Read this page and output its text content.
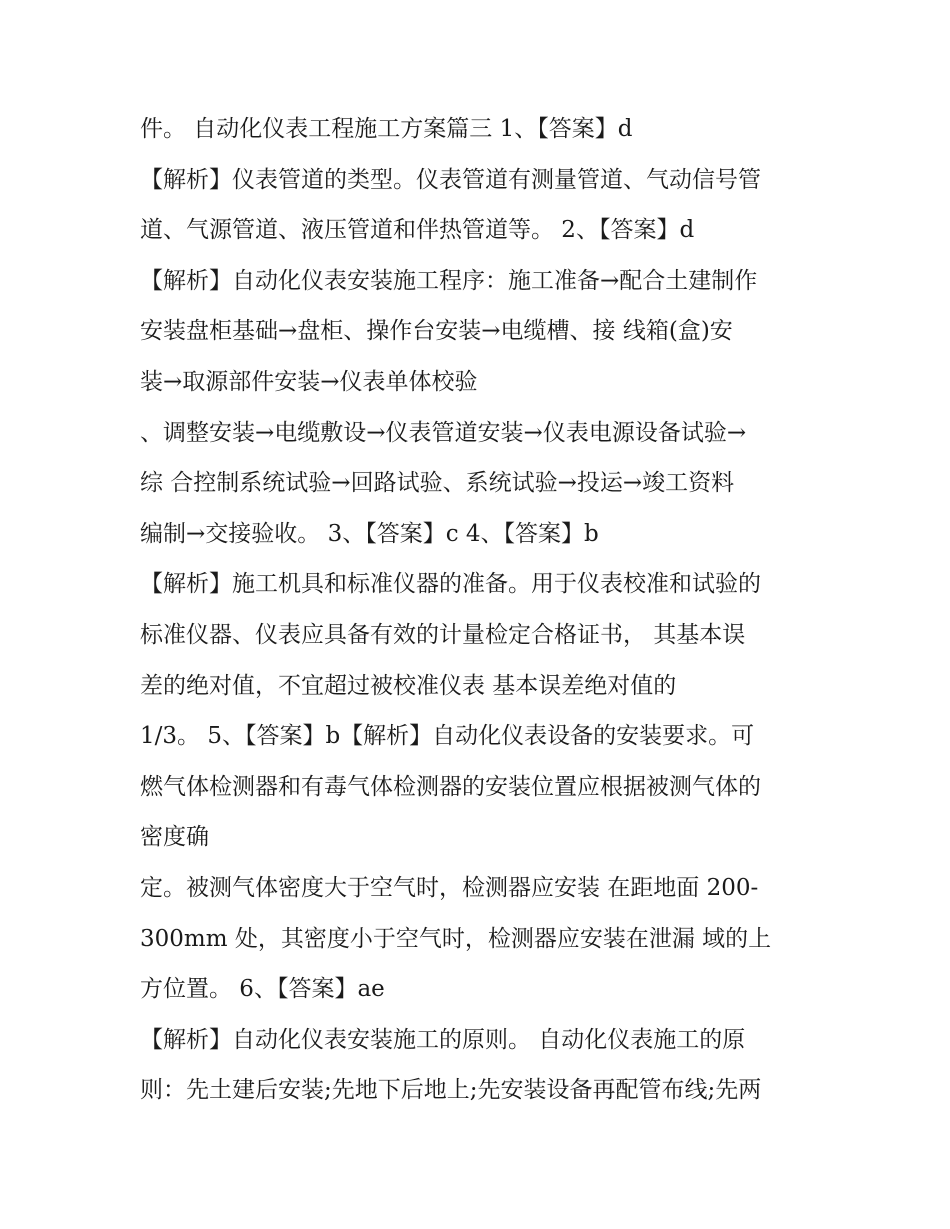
件。 自动化仪表工程施工方案篇三 1、【答案】d
【解析】仪表管道的类型。仪表管道有测量管道、气动信号管
道、气源管道、液压管道和伴热管道等。 2、【答案】d
【解析】自动化仪表安装施工程序：施工准备→配合土建制作
安装盘柜基础→盘柜、操作台安装→电缆槽、接 线箱(盒)安
装→取源部件安装→仪表单体校验
、调整安装→电缆敷设→仪表管道安装→仪表电源设备试验→
综 合控制系统试验→回路试验、系统试验→投运→竣工资料
编制→交接验收。 3、【答案】c 4、【答案】b
【解析】施工机具和标准仪器的准备。用于仪表校准和试验的
标准仪器、仪表应具备有效的计量检定合格证书， 其基本误
差的绝对值，不宜超过被校准仪表 基本误差绝对值的
1/3。 5、【答案】b【解析】自动化仪表设备的安装要求。可
燃气体检测器和有毒气体检测器的安装位置应根据被测气体的
密度确
定。被测气体密度大于空气时，检测器应安装 在距地面 200-
300mm 处，其密度小于空气时，检测器应安装在泄漏 域的上
方位置。 6、【答案】ae
【解析】自动化仪表安装施工的原则。 自动化仪表施工的原
则：先土建后安装;先地下后地上;先安装设备再配管布线;先两
